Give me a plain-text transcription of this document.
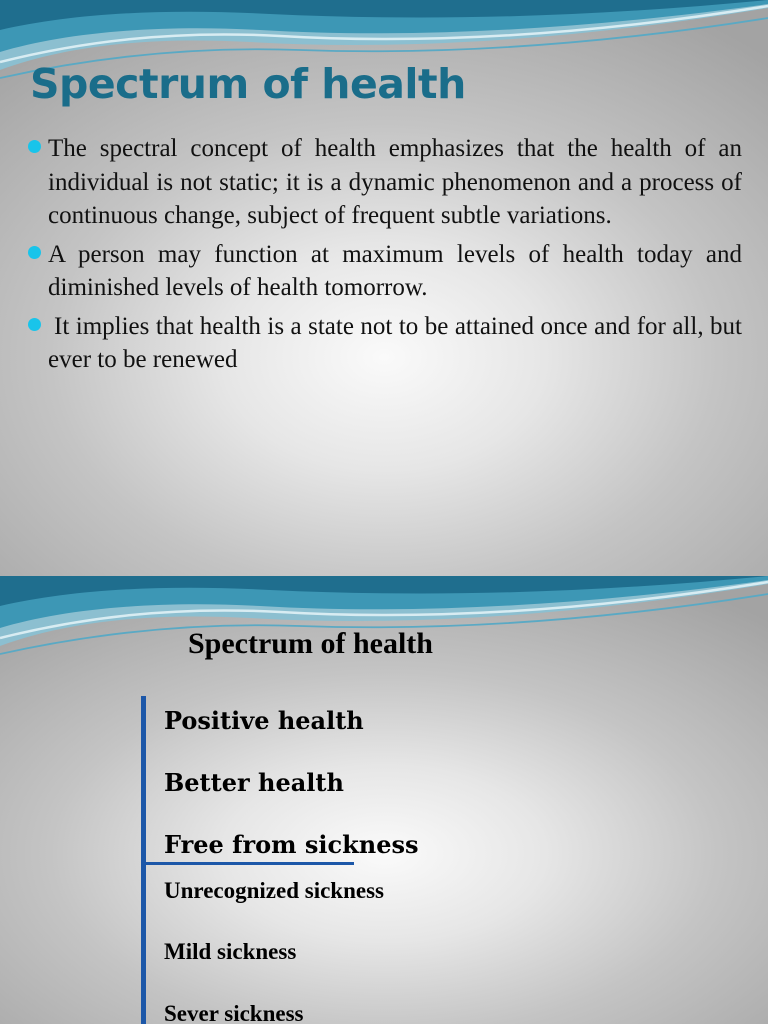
Spectrum of health
The spectral concept of health emphasizes that the health of an individual is not static; it is a dynamic phenomenon and a process of continuous change, subject of frequent subtle variations.
A person may function at maximum levels of health today and diminished levels of health tomorrow.
It implies that health is a state not to be attained once and for all, but ever to be renewed
Spectrum of health

Positive health

Better health

Free from sickness

Unrecognized sickness

Mild sickness

Sever sickness
